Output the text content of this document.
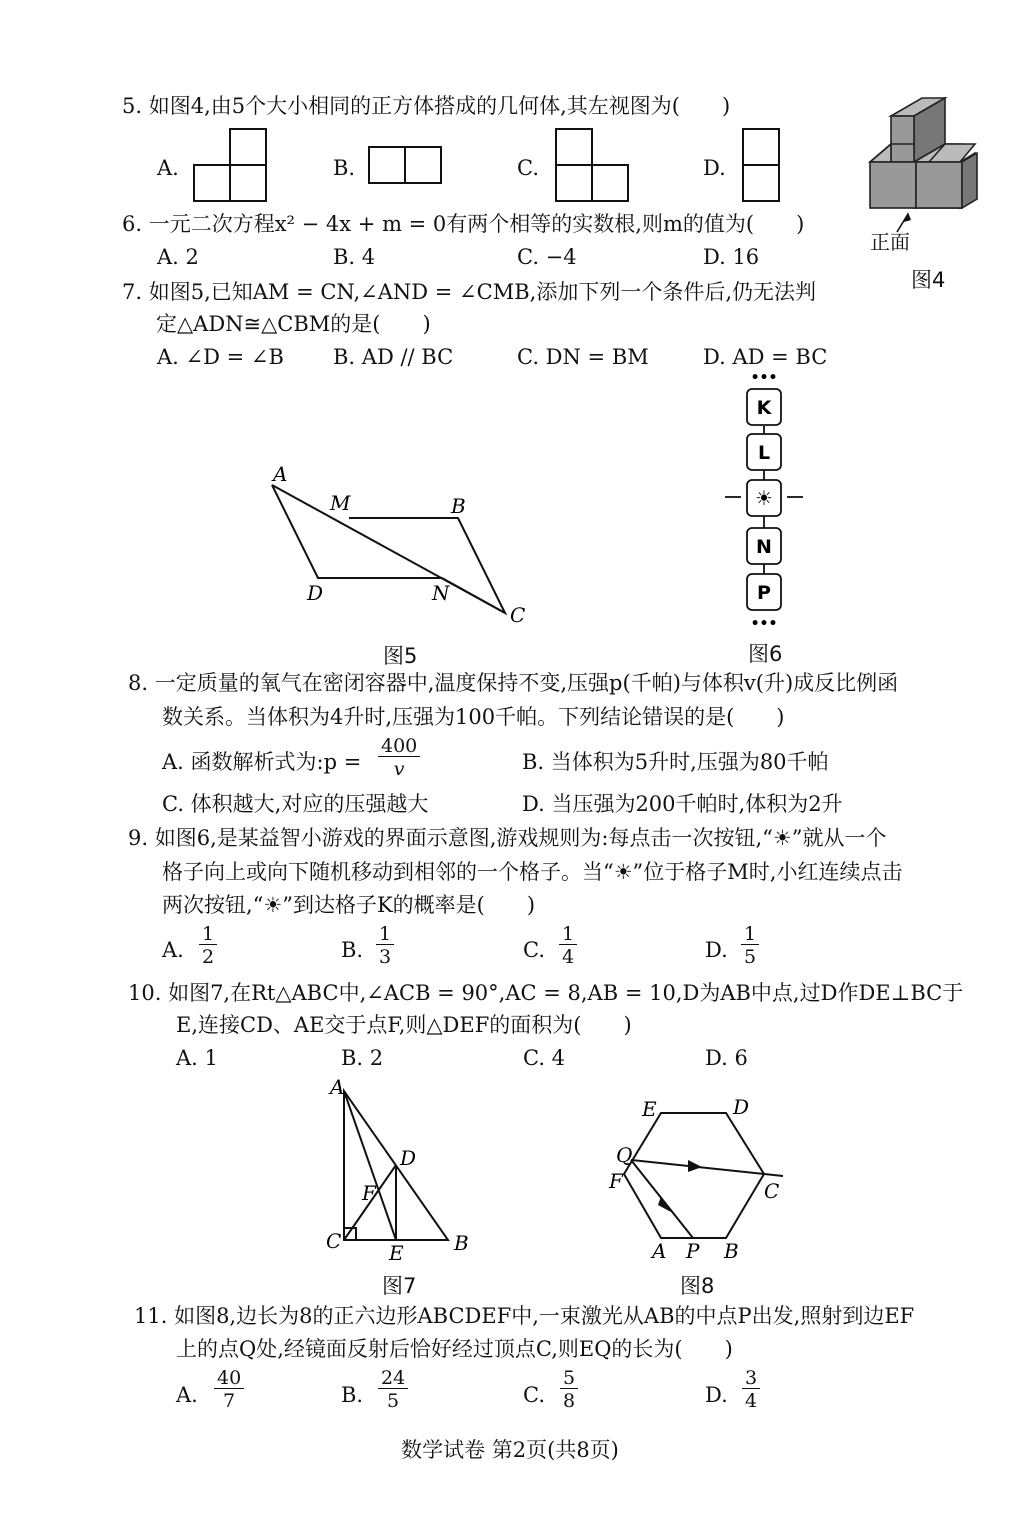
5. 如图4,由5个大小相同的正方体搭成的几何体,其左视图为(　　)
A.	B.	C.	D.
正面
图4
6. 一元二次方程x² − 4x + m = 0有两个相等的实数根,则m的值为(　　)
A. 2	B. 4	C. −4	D. 16
7. 如图5,已知AM = CN,∠AND = ∠CMB,添加下列一个条件后,仍无法判
定△ADN≅△CBM的是(　　)
A. ∠D = ∠B B. AD // BC	C. DN = BM	D. AD = BC
A
M	B
D	N
C
图5
•••
K
L
☀
N
P
•••
图6
8. 一定质量的氧气在密闭容器中,温度保持不变,压强p(千帕)与体积v(升)成反比例函
数关系。当体积为4升时,压强为100千帕。下列结论错误的是(　　)
A. 函数解析式为:p = $\frac{400}{v}$	B. 当体积为5升时,压强为80千帕
C. 体积越大,对应的压强越大	D. 当压强为200千帕时,体积为2升
9. 如图6,是某益智小游戏的界面示意图,游戏规则为:每点击一次按钮,“☀”就从一个
格子向上或向下随机移动到相邻的一个格子。当“☀”位于格子M时,小红连续点击
两次按钮,“☀”到达格子K的概率是(　　)
A. $\frac{1}{2}$	B. $\frac{1}{3}$	C. $\frac{1}{4}$	D. $\frac{1}{5}$
10. 如图7,在Rt△ABC中,∠ACB = 90°,AC = 8,AB = 10,D为AB中点,过D作DE⊥BC于
E,连接CD、AE交于点F,则△DEF的面积为(　　)
A. 1	B. 2	C. 4	D. 6
A
D
F
C E	B
图7
E	D
Q
F	C
A P B
图8
11. 如图8,边长为8的正六边形ABCDEF中,一束激光从AB的中点P出发,照射到边EF
上的点Q处,经镜面反射后恰好经过顶点C,则EQ的长为(　　)
A. $\frac{40}{7}$	B. $\frac{24}{5}$	C. $\frac{5}{8}$	D. $\frac{3}{4}$
数学试卷 第2页(共8页)
